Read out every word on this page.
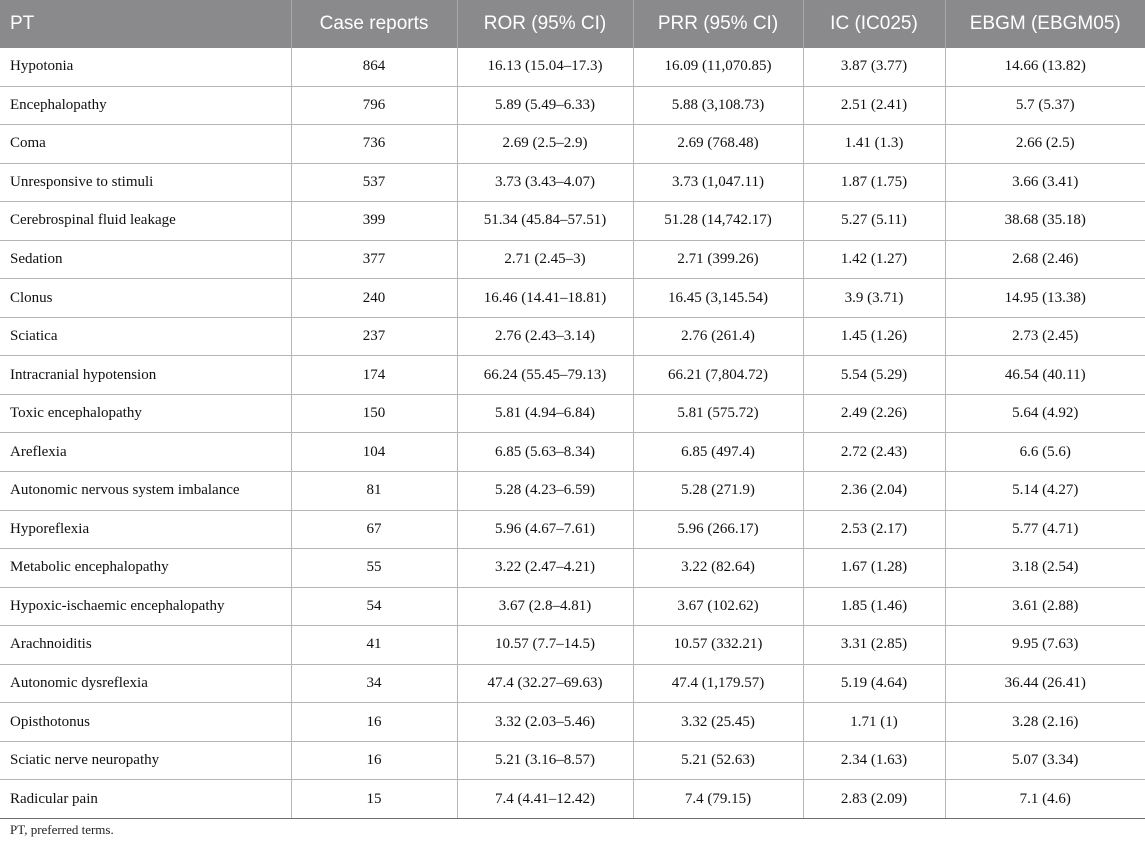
PT	Case reports	ROR (95% CI)	PRR (95% CI)	IC (IC025)	EBGM (EBGM05)
Hypotonia	864	16.13 (15.04–17.3)	16.09 (11,070.85)	3.87 (3.77)	14.66 (13.82)
Encephalopathy	796	5.89 (5.49–6.33)	5.88 (3,108.73)	2.51 (2.41)	5.7 (5.37)
Coma	736	2.69 (2.5–2.9)	2.69 (768.48)	1.41 (1.3)	2.66 (2.5)
Unresponsive to stimuli	537	3.73 (3.43–4.07)	3.73 (1,047.11)	1.87 (1.75)	3.66 (3.41)
Cerebrospinal fluid leakage	399	51.34 (45.84–57.51)	51.28 (14,742.17)	5.27 (5.11)	38.68 (35.18)
Sedation	377	2.71 (2.45–3)	2.71 (399.26)	1.42 (1.27)	2.68 (2.46)
Clonus	240	16.46 (14.41–18.81)	16.45 (3,145.54)	3.9 (3.71)	14.95 (13.38)
Sciatica	237	2.76 (2.43–3.14)	2.76 (261.4)	1.45 (1.26)	2.73 (2.45)
Intracranial hypotension	174	66.24 (55.45–79.13)	66.21 (7,804.72)	5.54 (5.29)	46.54 (40.11)
Toxic encephalopathy	150	5.81 (4.94–6.84)	5.81 (575.72)	2.49 (2.26)	5.64 (4.92)
Areflexia	104	6.85 (5.63–8.34)	6.85 (497.4)	2.72 (2.43)	6.6 (5.6)
Autonomic nervous system imbalance	81	5.28 (4.23–6.59)	5.28 (271.9)	2.36 (2.04)	5.14 (4.27)
Hyporeflexia	67	5.96 (4.67–7.61)	5.96 (266.17)	2.53 (2.17)	5.77 (4.71)
Metabolic encephalopathy	55	3.22 (2.47–4.21)	3.22 (82.64)	1.67 (1.28)	3.18 (2.54)
Hypoxic-ischaemic encephalopathy	54	3.67 (2.8–4.81)	3.67 (102.62)	1.85 (1.46)	3.61 (2.88)
Arachnoiditis	41	10.57 (7.7–14.5)	10.57 (332.21)	3.31 (2.85)	9.95 (7.63)
Autonomic dysreflexia	34	47.4 (32.27–69.63)	47.4 (1,179.57)	5.19 (4.64)	36.44 (26.41)
Opisthotonus	16	3.32 (2.03–5.46)	3.32 (25.45)	1.71 (1)	3.28 (2.16)
Sciatic nerve neuropathy	16	5.21 (3.16–8.57)	5.21 (52.63)	2.34 (1.63)	5.07 (3.34)
Radicular pain	15	7.4 (4.41–12.42)	7.4 (79.15)	2.83 (2.09)	7.1 (4.6)
PT, preferred terms.
